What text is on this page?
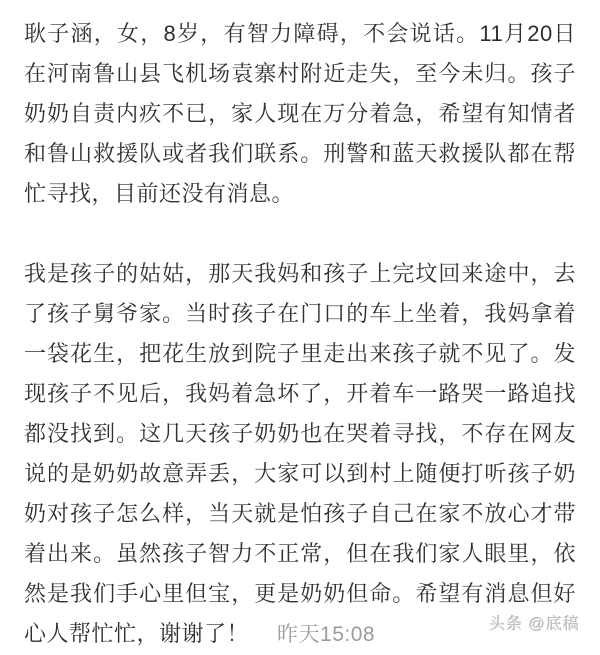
耿子涵，女，8岁，有智力障碍，不会说话。11月20日
在河南鲁山县飞机场袁寨村附近走失，至今未归。孩子
奶奶自责内疚不已，家人现在万分着急，希望有知情者
和鲁山救援队或者我们联系。刑警和蓝天救援队都在帮
忙寻找，目前还没有消息。
我是孩子的姑姑，那天我妈和孩子上完坟回来途中，去
了孩子舅爷家。当时孩子在门口的车上坐着，我妈拿着
一袋花生，把花生放到院子里走出来孩子就不见了。发
现孩子不见后，我妈着急坏了，开着车一路哭一路追找
都没找到。这几天孩子奶奶也在哭着寻找，不存在网友
说的是奶奶故意弄丢，大家可以到村上随便打听孩子奶
奶对孩子怎么样，当天就是怕孩子自己在家不放心才带
着出来。虽然孩子智力不正常，但在我们家人眼里，依
然是我们手心里但宝，更是奶奶但命。希望有消息但好
心人帮忙忙，谢谢了！ 昨天15:08	头条 @底稿
